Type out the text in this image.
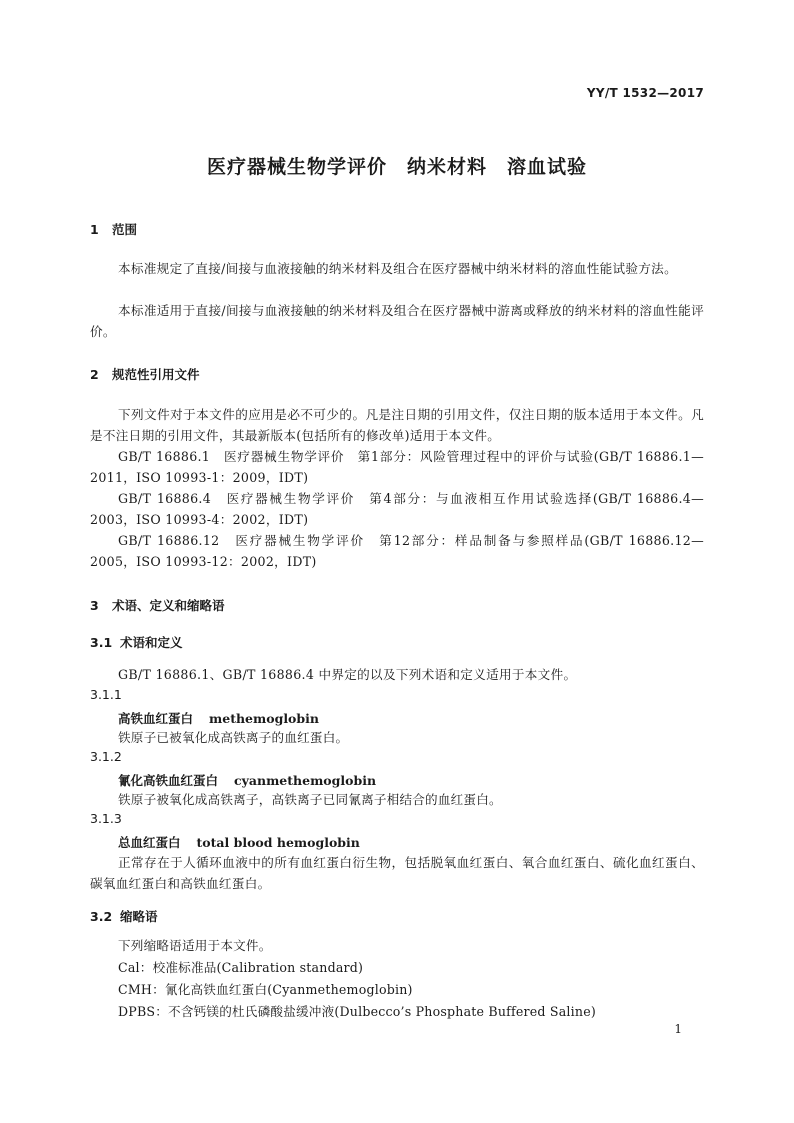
YY/T 1532—2017
医疗器械生物学评价　纳米材料　溶血试验
1 范围
本标准规定了直接/间接与血液接触的纳米材料及组合在医疗器械中纳米材料的溶血性能试验方法。
本标准适用于直接/间接与血液接触的纳米材料及组合在医疗器械中游离或释放的纳米材料的溶血性能评价。
2 规范性引用文件
下列文件对于本文件的应用是必不可少的。凡是注日期的引用文件，仅注日期的版本适用于本文件。凡是不注日期的引用文件，其最新版本(包括所有的修改单)适用于本文件。
GB/T 16886.1　医疗器械生物学评价　第1部分：风险管理过程中的评价与试验(GB/T 16886.1—2011，ISO 10993-1：2009，IDT)
GB/T 16886.4　医疗器械生物学评价　第4部分：与血液相互作用试验选择(GB/T 16886.4—2003，ISO 10993-4：2002，IDT)
GB/T 16886.12　医疗器械生物学评价　第12部分：样品制备与参照样品(GB/T 16886.12—2005，ISO 10993-12：2002，IDT)
3 术语、定义和缩略语
3.1 术语和定义
GB/T 16886.1、GB/T 16886.4 中界定的以及下列术语和定义适用于本文件。
3.1.1
高铁血红蛋白 methemoglobin
铁原子已被氧化成高铁离子的血红蛋白。
3.1.2
氰化高铁血红蛋白 cyanmethemoglobin
铁原子被氧化成高铁离子，高铁离子已同氰离子相结合的血红蛋白。
3.1.3
总血红蛋白 total blood hemoglobin
正常存在于人循环血液中的所有血红蛋白衍生物，包括脱氧血红蛋白、氧合血红蛋白、硫化血红蛋白、碳氧血红蛋白和高铁血红蛋白。
3.2 缩略语
下列缩略语适用于本文件。
Cal：校准标准品(Calibration standard)
CMH：氰化高铁血红蛋白(Cyanmethemoglobin)
DPBS：不含钙镁的杜氏磷酸盐缓冲液(Dulbecco’s Phosphate Buffered Saline)
1
